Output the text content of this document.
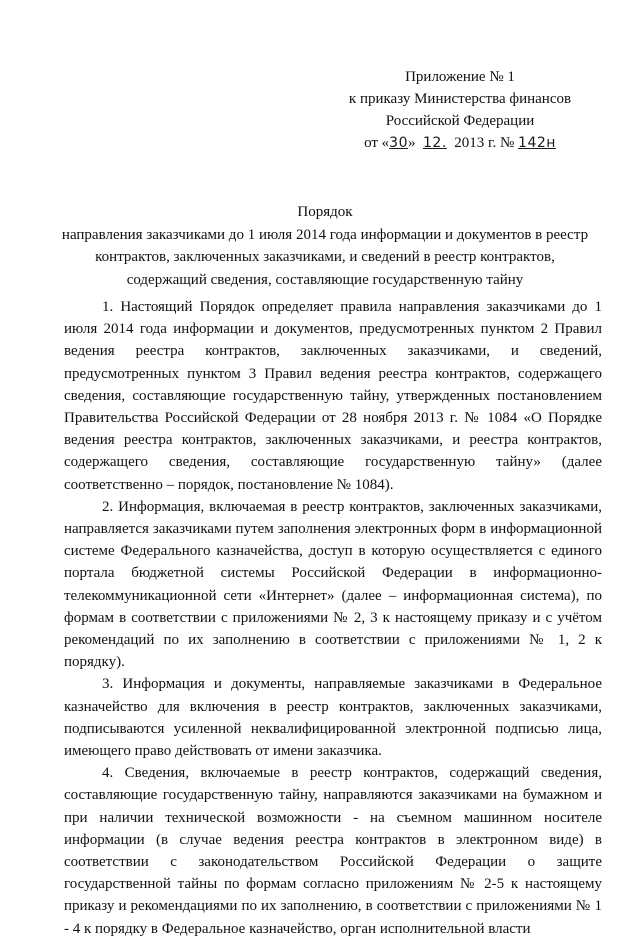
Приложение № 1
к приказу Министерства финансов
Российской Федерации
от «30» 12. 2013 г. № 142н
Порядок
направления заказчиками до 1 июля 2014 года информации и документов в реестр контрактов, заключенных заказчиками, и сведений в реестр контрактов, содержащий сведения, составляющие государственную тайну

1. Настоящий Порядок определяет правила направления заказчиками до 1 июля 2014 года информации и документов, предусмотренных пунктом 2 Правил ведения реестра контрактов, заключенных заказчиками, и сведений, предусмотренных пунктом 3 Правил ведения реестра контрактов, содержащего сведения, составляющие государственную тайну, утвержденных постановлением Правительства Российской Федерации от 28 ноября 2013 г. № 1084 «О Порядке ведения реестра контрактов, заключенных заказчиками, и реестра контрактов, содержащего сведения, составляющие государственную тайну» (далее соответственно – порядок, постановление № 1084).

2. Информация, включаемая в реестр контрактов, заключенных заказчиками, направляется заказчиками путем заполнения электронных форм в информационной системе Федерального казначейства, доступ в которую осуществляется с единого портала бюджетной системы Российской Федерации в информационно-телекоммуникационной сети «Интернет» (далее – информационная система), по формам в соответствии с приложениями № 2, 3 к настоящему приказу и с учётом рекомендаций по их заполнению в соответствии с приложениями № 1, 2 к порядку).

3. Информация и документы, направляемые заказчиками в Федеральное казначейство для включения в реестр контрактов, заключенных заказчиками, подписываются усиленной неквалифицированной электронной подписью лица, имеющего право действовать от имени заказчика.

4. Сведения, включаемые в реестр контрактов, содержащий сведения, составляющие государственную тайну, направляются заказчиками на бумажном и при наличии технической возможности - на съемном машинном носителе информации (в случае ведения реестра контрактов в электронном виде) в соответствии с законодательством Российской Федерации о защите государственной тайны по формам согласно приложениям № 2-5 к настоящему приказу и рекомендациями по их заполнению, в соответствии с приложениями № 1 - 4 к порядку в Федеральное казначейство, орган исполнительной власти
